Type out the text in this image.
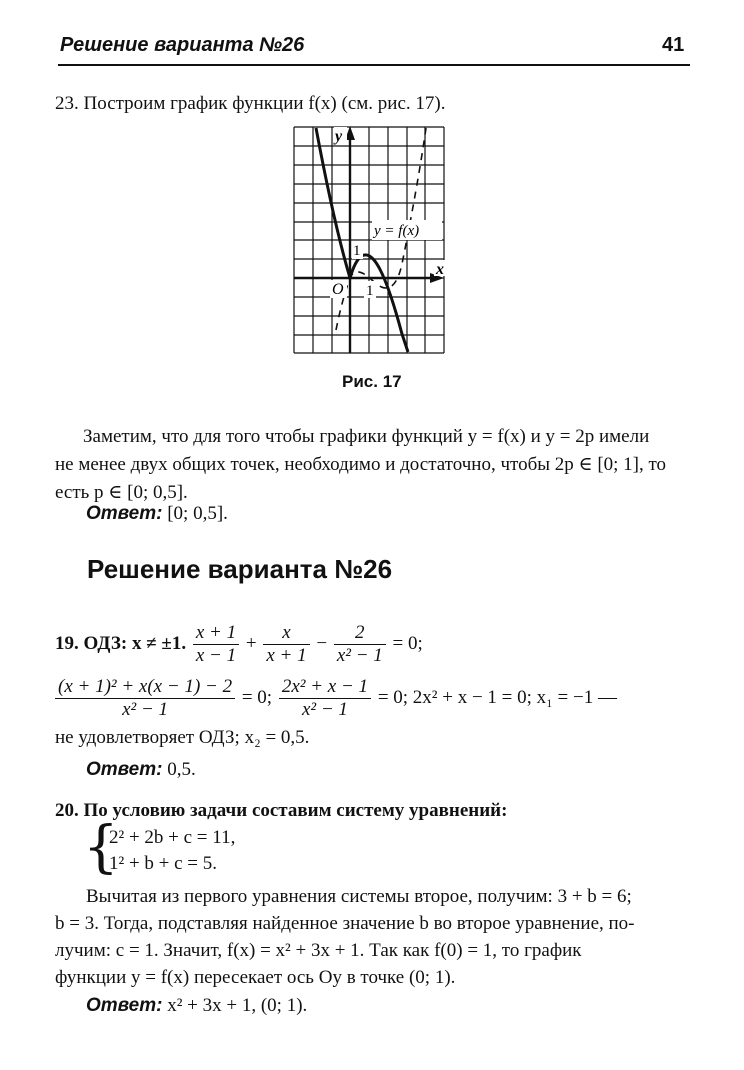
Решение варианта №26	41
23. Построим график функции f(x) (см. рис. 17).
y
x
y = f(x)
1
O 1
Рис. 17
Заметим, что для того чтобы графики функций y = f(x) и y = 2p имели
не менее двух общих точек, необходимо и достаточно, чтобы 2p ∈ [0; 1], то
есть p ∈ [0; 0,5].
Ответ: [0; 0,5].
Решение варианта №26
19. ОДЗ: x ≠ ±1. $\frac{x + 1}{x - 1} + \frac{x}{x + 1} - \frac{2}{\text{x² − 1}} = 0$;
$\frac{\text{(x + 1)² + x(x − 1) − 2}}{\text{x² − 1}} = 0$; $\frac{\text{2x² + x − 1}}{\text{x² − 1}} = 0$; 2x² + x − 1 = 0; x₁ = −1 —
не удовлетворяет ОДЗ; x₂ = 0,5.
Ответ: 0,5.
20. По условию задачи составим систему уравнений:
{
2² + 2b + c = 11,
1² + b + c = 5.
Вычитая из первого уравнения системы второе, получим: 3 + b = 6;
b = 3. Тогда, подставляя найденное значение b во второе уравнение, по-
лучим: c = 1. Значит, f(x) = x² + 3x + 1. Так как f(0) = 1, то график
функции y = f(x) пересекает ось Oy в точке (0; 1).
Ответ: x² + 3x + 1, (0; 1).
